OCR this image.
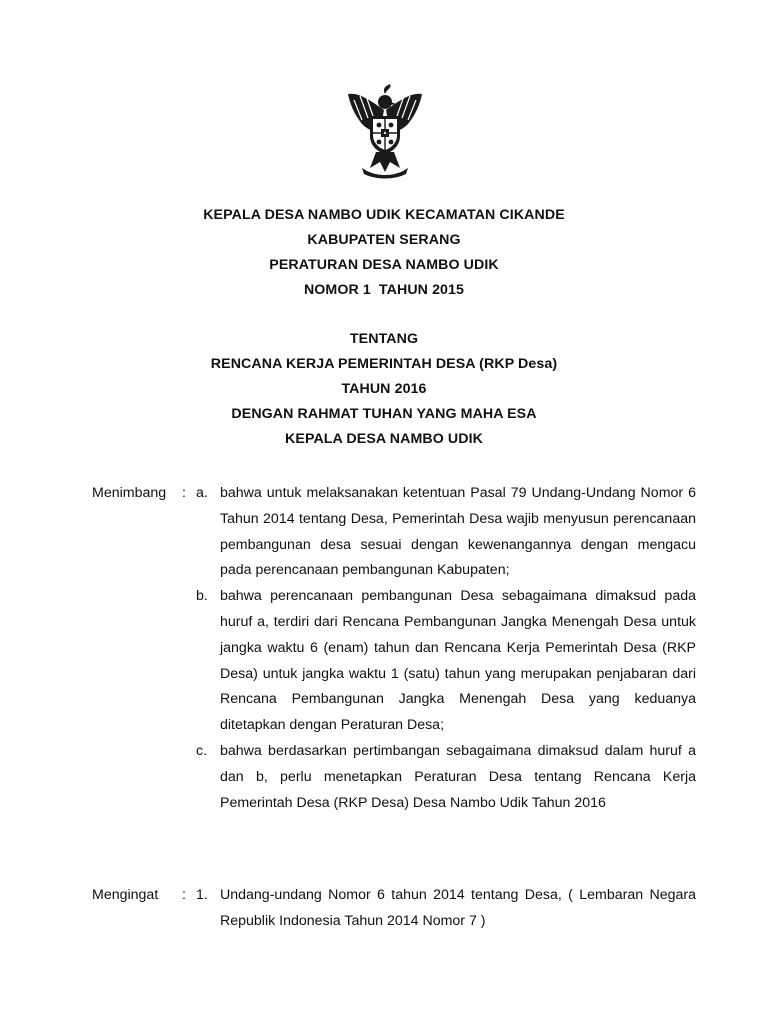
KEPALA DESA NAMBO UDIK KECAMATAN CIKANDE
KABUPATEN SERANG
PERATURAN DESA NAMBO UDIK
NOMOR 1  TAHUN 2015
TENTANG
RENCANA KERJA PEMERINTAH DESA (RKP Desa)
TAHUN 2016
DENGAN RAHMAT TUHAN YANG MAHA ESA
KEPALA DESA NAMBO UDIK
Menimbang	: a. bahwa untuk melaksanakan ketentuan Pasal 79 Undang-Undang Nomor 6 Tahun 2014 tentang Desa, Pemerintah Desa wajib menyusun perencanaan pembangunan desa sesuai dengan kewenangannya dengan mengacu pada perencanaan pembangunan Kabupaten;
b. bahwa perencanaan pembangunan Desa sebagaimana dimaksud pada huruf a, terdiri dari Rencana Pembangunan Jangka Menengah Desa untuk jangka waktu 6 (enam) tahun dan Rencana Kerja Pemerintah Desa (RKP Desa) untuk jangka waktu 1 (satu) tahun yang merupakan penjabaran dari Rencana Pembangunan Jangka Menengah Desa yang keduanya ditetapkan dengan Peraturan Desa;
c. bahwa berdasarkan pertimbangan sebagaimana dimaksud dalam huruf a dan b, perlu menetapkan Peraturan Desa tentang Rencana Kerja Pemerintah Desa (RKP Desa) Desa Nambo Udik Tahun 2016
Mengingat	: 1. Undang-undang Nomor 6 tahun 2014 tentang Desa, ( Lembaran Negara Republik Indonesia Tahun 2014 Nomor 7 )
